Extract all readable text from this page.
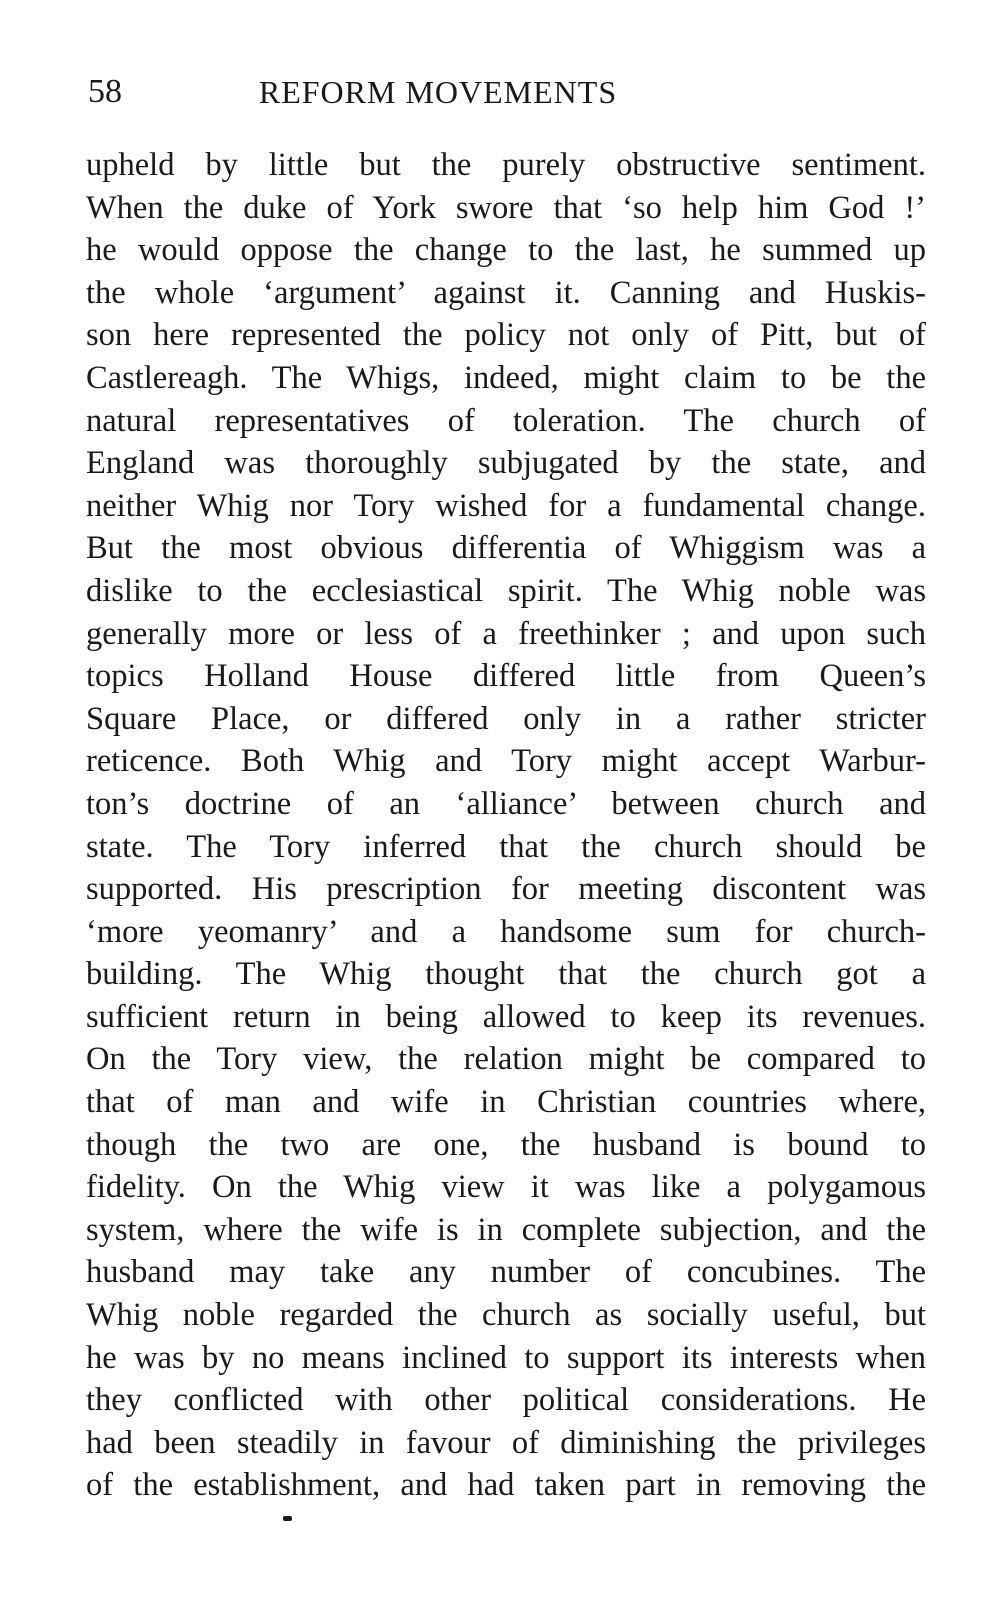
58	REFORM MOVEMENTS
upheld by little but the purely obstructive sentiment.
When the duke of York swore that ‘so help him God !’
he would oppose the change to the last, he summed up
the whole ‘argument’ against it. Canning and Huskis-
son here represented the policy not only of Pitt, but of
Castlereagh. The Whigs, indeed, might claim to be the
natural representatives of toleration. The church of
England was thoroughly subjugated by the state, and
neither Whig nor Tory wished for a fundamental change.
But the most obvious differentia of Whiggism was a
dislike to the ecclesiastical spirit. The Whig noble was
generally more or less of a freethinker ; and upon such
topics Holland House differed little from Queen’s
Square Place, or differed only in a rather stricter
reticence. Both Whig and Tory might accept Warbur-
ton’s doctrine of an ‘alliance’ between church and
state. The Tory inferred that the church should be
supported. His prescription for meeting discontent was
‘more yeomanry’ and a handsome sum for church-
building. The Whig thought that the church got a
sufficient return in being allowed to keep its revenues.
On the Tory view, the relation might be compared to
that of man and wife in Christian countries where,
though the two are one, the husband is bound to
fidelity. On the Whig view it was like a polygamous
system, where the wife is in complete subjection, and the
husband may take any number of concubines. The
Whig noble regarded the church as socially useful, but
he was by no means inclined to support its interests when
they conflicted with other political considerations. He
had been steadily in favour of diminishing the privileges
of the establishment, and had taken part in removing the
